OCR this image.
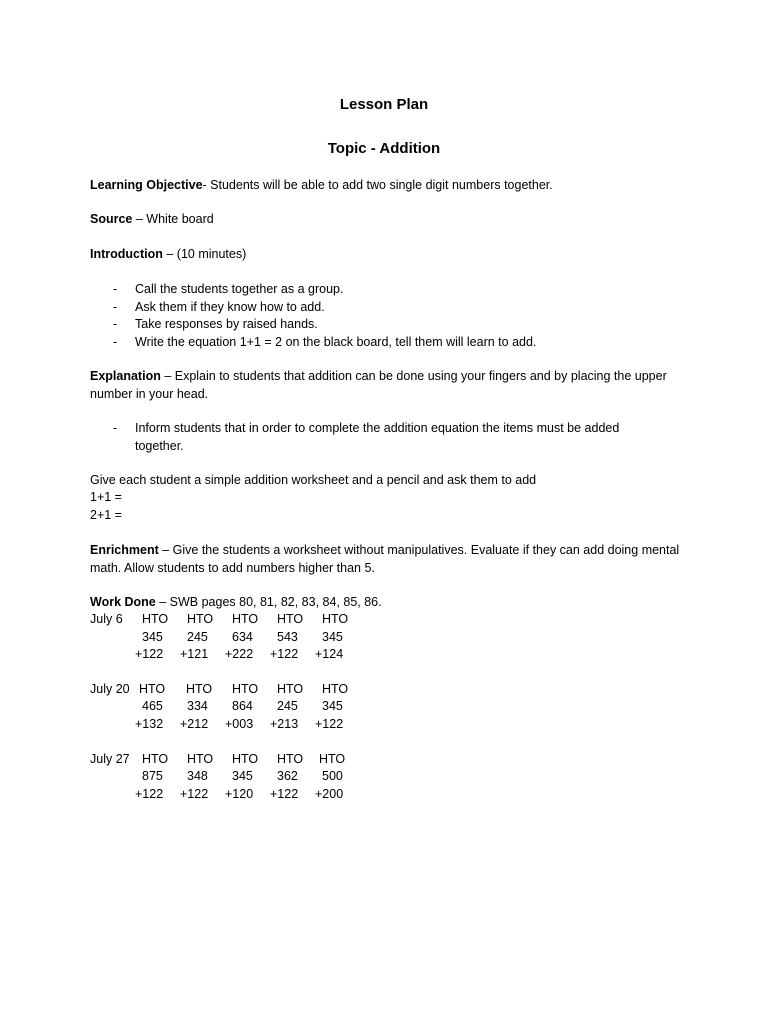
Lesson Plan
Topic - Addition
Learning Objective- Students will be able to add two single digit numbers together.
Source – White board
Introduction – (10 minutes)
- Call the students together as a group.
- Ask them if they know how to add.
- Take responses by raised hands.
- Write the equation 1+1 = 2 on the black board, tell them will learn to add.
Explanation – Explain to students that addition can be done using your fingers and by placing the upper number in your head.
- Inform students that in order to complete the addition equation the items must be added together.
Give each student a simple addition worksheet and a pencil and ask them to add
1+1 =
2+1 =
Enrichment – Give the students a worksheet without manipulatives. Evaluate if they can add doing mental math. Allow students to add numbers higher than 5.
Work Done – SWB pages 80, 81, 82, 83, 84, 85, 86.
July 6 HTO HTO HTO HTO HTO
345 245 634 543 345
+122 +121 +222 +122 +124
July 20 HTO HTO HTO HTO HTO
465 334 864 245 345
+132 +212 +003 +213 +122
July 27 HTO HTO HTO HTO HTO
875 348 345 362 500
+122 +122 +120 +122 +200
